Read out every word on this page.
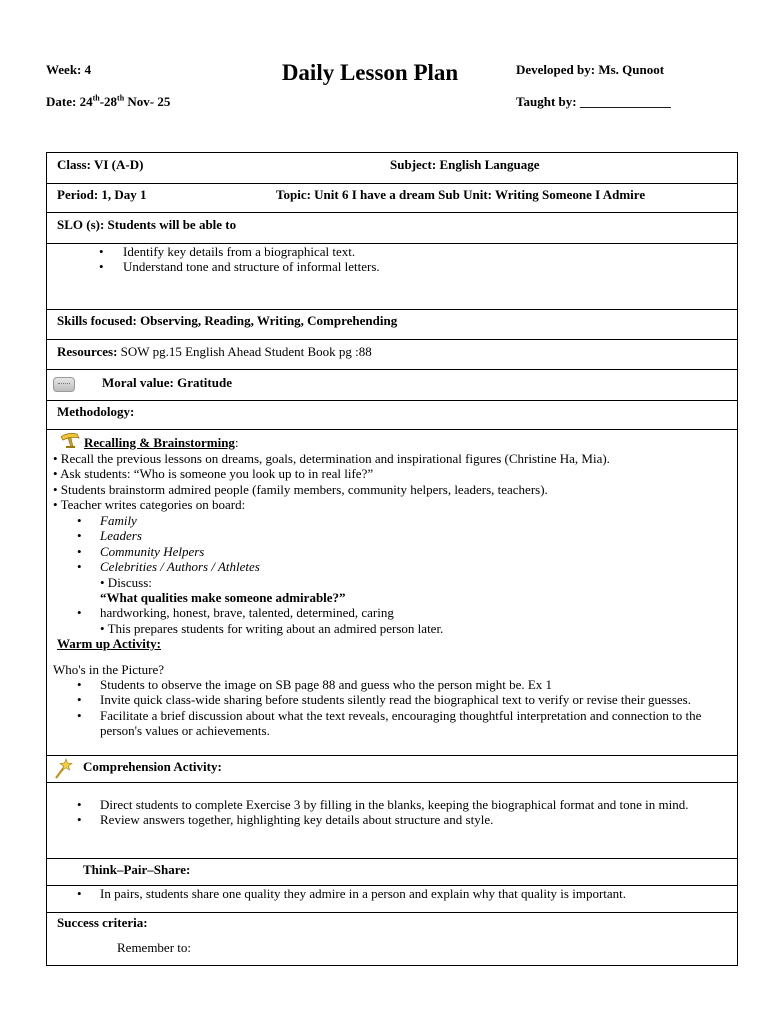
Week: 4
Date: 24th-28th Nov- 25
Daily Lesson Plan	Developed by: Ms. Qunoot
Taught by: ______________
Class: VI (A-D)	Subject: English Language
Period: 1, Day 1	Topic: Unit 6 I have a dream Sub Unit: Writing Someone I Admire
SLO (s): Students will be able to
• Identify key details from a biographical text.
• Understand tone and structure of informal letters.
Skills focused: Observing, Reading, Writing, Comprehending
Resources: SOW pg.15 English Ahead Student Book pg :88
Moral value: Gratitude
Methodology:
Recalling & Brainstorming:
• Recall the previous lessons on dreams, goals, determination and inspirational figures (Christine Ha, Mia).
• Ask students: “Who is someone you look up to in real life?”
• Students brainstorm admired people (family members, community helpers, leaders, teachers).
• Teacher writes categories on board:
• Family
• Leaders
• Community Helpers
• Celebrities / Authors / Athletes
• Discuss:
“What qualities make someone admirable?”
• hardworking, honest, brave, talented, determined, caring
• This prepares students for writing about an admired person later.
Warm up Activity:
Who's in the Picture?
• Students to observe the image on SB page 88 and guess who the person might be. Ex 1
• Invite quick class-wide sharing before students silently read the biographical text to verify or revise their guesses.
• Facilitate a brief discussion about what the text reveals, encouraging thoughtful interpretation and connection to the person's values or achievements.
Comprehension Activity:
• Direct students to complete Exercise 3 by filling in the blanks, keeping the biographical format and tone in mind.
• Review answers together, highlighting key details about structure and style.
Think–Pair–Share:
• In pairs, students share one quality they admire in a person and explain why that quality is important.
Success criteria:
Remember to:
